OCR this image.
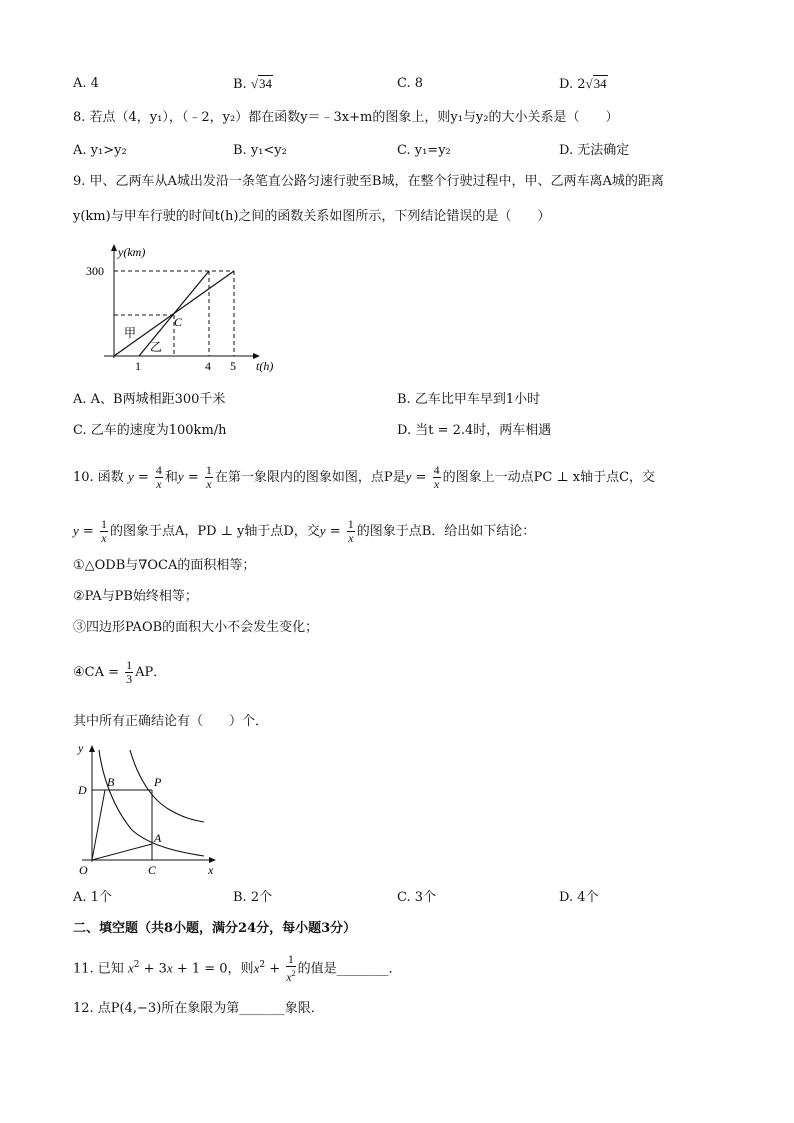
A. 4	B. √34	C. 8	D. 2√34
8. 若点（4，y₁），（﹣2，y₂）都在函数y＝﹣3x+m的图象上，则y₁与y₂的大小关系是（　　）
A. y₁>y₂	B. y₁<y₂	C. y₁=y₂	D. 无法确定
9. 甲、乙两车从A城出发沿一条笔直公路匀速行驶至B城，在整个行驶过程中，甲、乙两车离A城的距离
y(km)与甲车行驶的时间t(h)之间的函数关系如图所示，下列结论错误的是（　　）
y(km)
t(h)
300
1	4 5
C
甲
乙
A. A、B两城相距300千米	B. 乙车比甲车早到1小时
C. 乙车的速度为100km/h	D. 当t = 2.4时，两车相遇
10. 函数 $y = \frac{4}{x}$ 和$y = \frac{1}{x}$ 在第一象限内的图象如图，点P是$y = \frac{4}{x}$ 的图象上一动点PC ⊥ x轴于点C，交
$y = \frac{1}{x}$ 的图象于点A，PD ⊥ y轴于点D，交$y = \frac{1}{x}$ 的图象于点B．给出如下结论：
①△ODB与∇OCA的面积相等；
②PA与PB始终相等；
③四边形PAOB的面积大小不会发生变化；
④CA = $\frac{1}{3}$ AP．
其中所有正确结论有（　　）个．
y
x
O	C
D
B	P
A
A. 1个	B. 2个	C. 3个	D. 4个
二、填空题（共8小题，满分24分，每小题3分）
11. 已知 $x^2 + 3x + 1 = 0$，则$x^2 + \frac{1}{x^2}$ 的值是________．
12. 点P(4,−3)所在象限为第_______象限．
